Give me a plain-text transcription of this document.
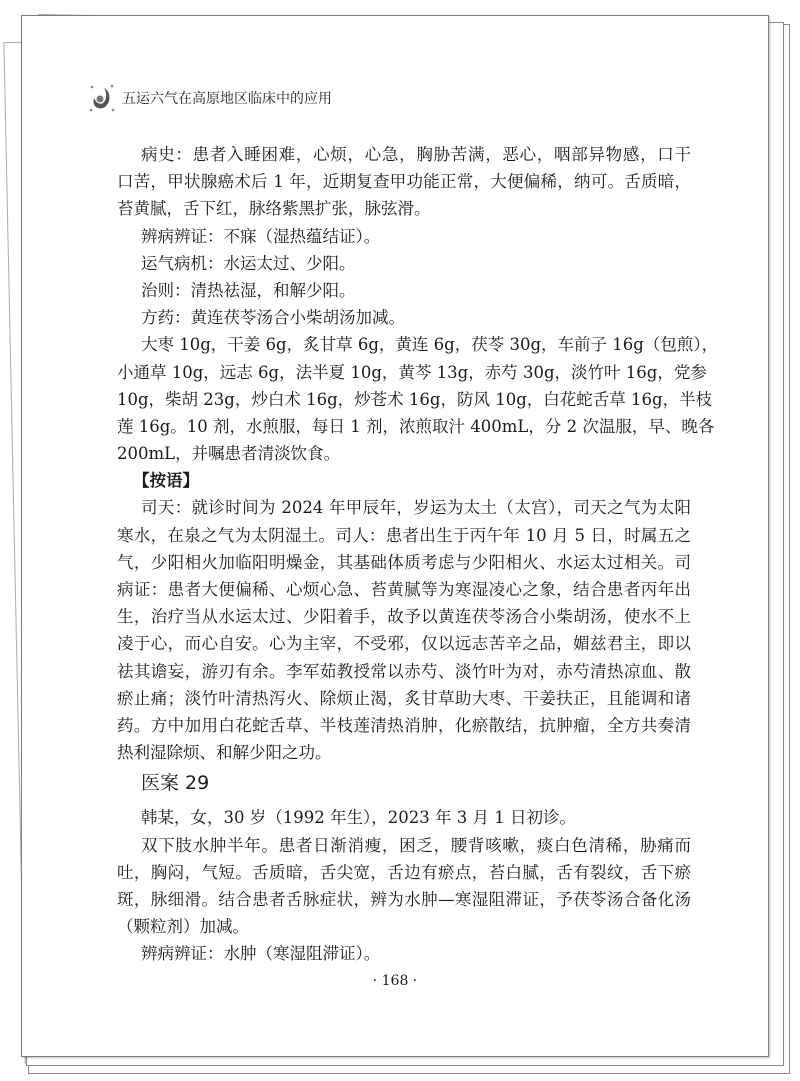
五运六气在高原地区临床中的应用
病史：患者入睡困难，心烦，心急，胸胁苦满，恶心，咽部异物感，口干
口苦，甲状腺癌术后 1 年，近期复查甲功能正常，大便偏稀，纳可。舌质暗，
苔黄腻，舌下红，脉络紫黑扩张，脉弦滑。
辨病辨证：不寐（湿热蕴结证）。
运气病机：水运太过、少阳。
治则：清热祛湿，和解少阳。
方药：黄连茯苓汤合小柴胡汤加减。
大枣 10g，干姜 6g，炙甘草 6g，黄连 6g，茯苓 30g，车前子 16g（包煎），
小通草 10g，远志 6g，法半夏 10g，黄芩 13g，赤芍 30g，淡竹叶 16g，党参
10g，柴胡 23g，炒白术 16g，炒苍术 16g，防风 10g，白花蛇舌草 16g，半枝
莲 16g。10 剂，水煎服，每日 1 剂，浓煎取汁 400mL，分 2 次温服，早、晚各
200mL，并嘱患者清淡饮食。
【按语】
司天：就诊时间为 2024 年甲辰年，岁运为太土（太宫），司天之气为太阳
寒水，在泉之气为太阴湿土。司人：患者出生于丙午年 10 月 5 日，时属五之
气，少阳相火加临阳明燥金，其基础体质考虑与少阳相火、水运太过相关。司
病证：患者大便偏稀、心烦心急、苔黄腻等为寒湿凌心之象，结合患者丙年出
生，治疗当从水运太过、少阳着手，故予以黄连茯苓汤合小柴胡汤，使水不上
凌于心，而心自安。心为主宰，不受邪，仅以远志苦辛之品，媚兹君主，即以
祛其谵妄，游刃有余。李军茹教授常以赤芍、淡竹叶为对，赤芍清热凉血、散
瘀止痛；淡竹叶清热泻火、除烦止渴，炙甘草助大枣、干姜扶正，且能调和诸
药。方中加用白花蛇舌草、半枝莲清热消肿，化瘀散结，抗肿瘤，全方共奏清
热利湿除烦、和解少阳之功。
医案 29
韩某，女，30 岁（1992 年生），2023 年 3 月 1 日初诊。
双下肢水肿半年。患者日渐消瘦，困乏，腰背咳嗽，痰白色清稀，胁痛而
吐，胸闷，气短。舌质暗，舌尖宽，舌边有瘀点，苔白腻，舌有裂纹，舌下瘀
斑，脉细滑。结合患者舌脉症状，辨为水肿—寒湿阻滞证，予茯苓汤合备化汤
（颗粒剂）加减。
辨病辨证：水肿（寒湿阻滞证）。
· 168 ·
